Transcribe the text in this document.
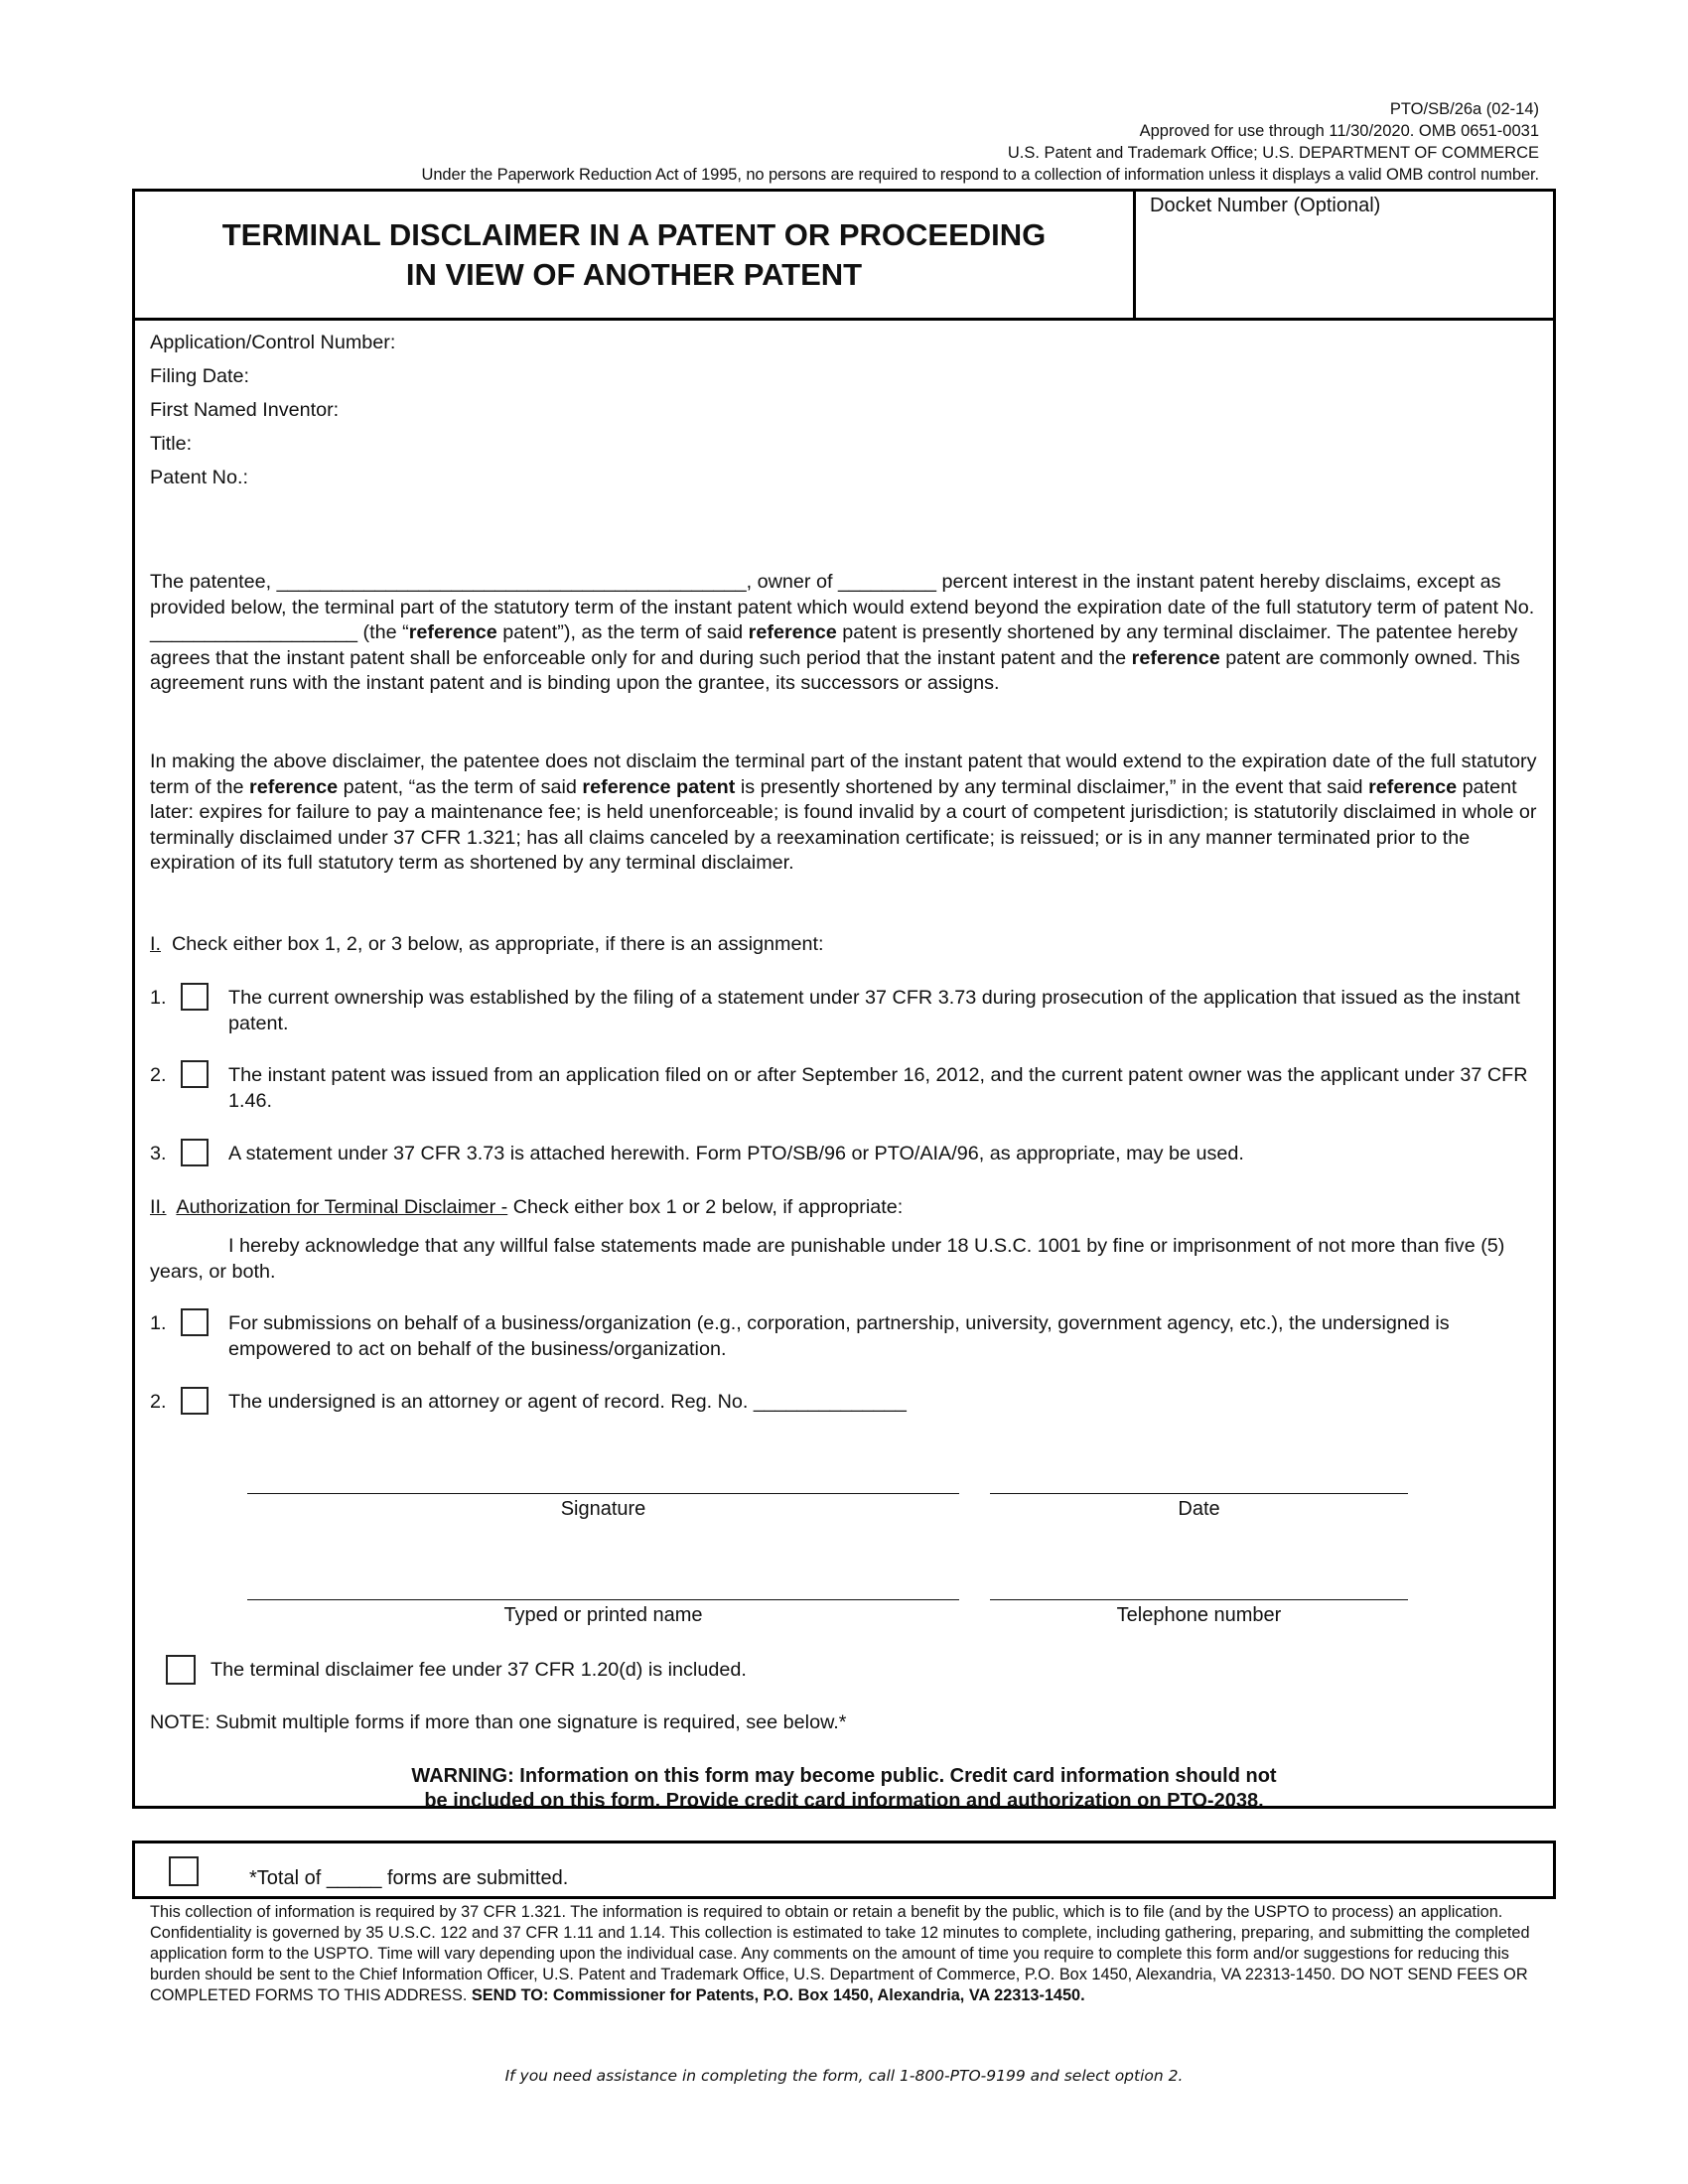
PTO/SB/26a (02-14)
Approved for use through 11/30/2020. OMB 0651-0031
U.S. Patent and Trademark Office; U.S. DEPARTMENT OF COMMERCE
Under the Paperwork Reduction Act of 1995, no persons are required to respond to a collection of information unless it displays a valid OMB control number.
TERMINAL DISCLAIMER IN A PATENT OR PROCEEDING
IN VIEW OF ANOTHER PATENT
Docket Number (Optional)
Application/Control Number:
Filing Date:
First Named Inventor:
Title:
Patent No.:
The patentee, ___________________________________________, owner of _________ percent interest in the instant patent hereby disclaims, except as provided below, the terminal part of the statutory term of the instant patent which would extend beyond the expiration date of the full statutory term of patent No. ___________________ (the “reference patent”), as the term of said reference patent is presently shortened by any terminal disclaimer. The patentee hereby agrees that the instant patent shall be enforceable only for and during such period that the instant patent and the reference patent are commonly owned. This agreement runs with the instant patent and is binding upon the grantee, its successors or assigns.
In making the above disclaimer, the patentee does not disclaim the terminal part of the instant patent that would extend to the expiration date of the full statutory term of the reference patent, “as the term of said reference patent is presently shortened by any terminal disclaimer,” in the event that said reference patent later: expires for failure to pay a maintenance fee; is held unenforceable; is found invalid by a court of competent jurisdiction; is statutorily disclaimed in whole or terminally disclaimed under 37 CFR 1.321; has all claims canceled by a reexamination certificate; is reissued; or is in any manner terminated prior to the expiration of its full statutory term as shortened by any terminal disclaimer.
I. Check either box 1, 2, or 3 below, as appropriate, if there is an assignment:
1.	The current ownership was established by the filing of a statement under 37 CFR 3.73 during prosecution of the application that issued as the instant patent.
2.	The instant patent was issued from an application filed on or after September 16, 2012, and the current patent owner was the applicant under 37 CFR 1.46.
3.	A statement under 37 CFR 3.73 is attached herewith. Form PTO/SB/96 or PTO/AIA/96, as appropriate, may be used.
II. Authorization for Terminal Disclaimer - Check either box 1 or 2 below, if appropriate:
I hereby acknowledge that any willful false statements made are punishable under 18 U.S.C. 1001 by fine or imprisonment of not more than five (5) years, or both.
1.	For submissions on behalf of a business/organization (e.g., corporation, partnership, university, government agency, etc.), the undersigned is empowered to act on behalf of the business/organization.
2.	The undersigned is an attorney or agent of record. Reg. No. ______________
Signature	Date
Typed or printed name	Telephone number
The terminal disclaimer fee under 37 CFR 1.20(d) is included.
NOTE: Submit multiple forms if more than one signature is required, see below.*
WARNING: Information on this form may become public. Credit card information should not
be included on this form. Provide credit card information and authorization on PTO-2038.
*Total of _____ forms are submitted.
This collection of information is required by 37 CFR 1.321. The information is required to obtain or retain a benefit by the public, which is to file (and by the USPTO to process) an application. Confidentiality is governed by 35 U.S.C. 122 and 37 CFR 1.11 and 1.14. This collection is estimated to take 12 minutes to complete, including gathering, preparing, and submitting the completed application form to the USPTO. Time will vary depending upon the individual case. Any comments on the amount of time you require to complete this form and/or suggestions for reducing this burden should be sent to the Chief Information Officer, U.S. Patent and Trademark Office, U.S. Department of Commerce, P.O. Box 1450, Alexandria, VA 22313-1450. DO NOT SEND FEES OR COMPLETED FORMS TO THIS ADDRESS. SEND TO: Commissioner for Patents, P.O. Box 1450, Alexandria, VA 22313-1450.
If you need assistance in completing the form, call 1-800-PTO-9199 and select option 2.
